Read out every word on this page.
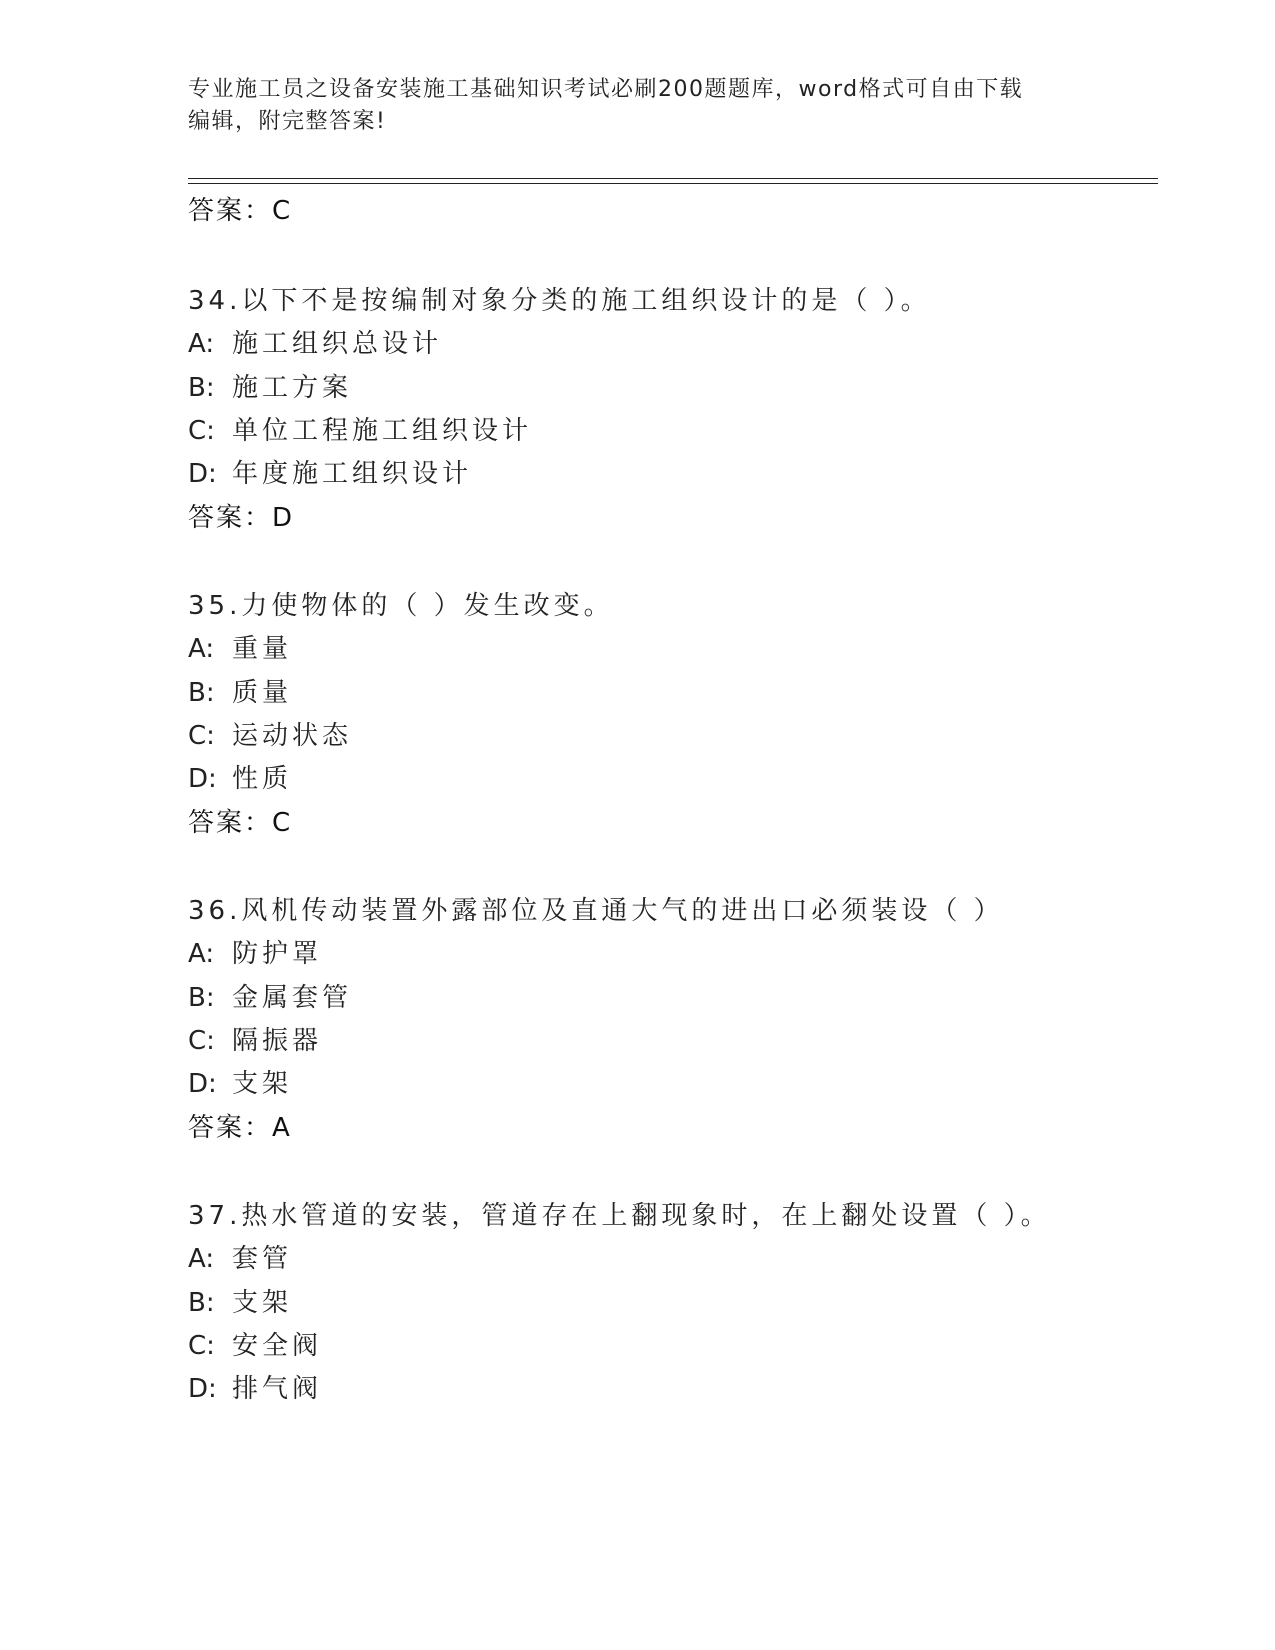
专业施工员之设备安装施工基础知识考试必刷200题题库，word格式可自由下载
编辑，附完整答案!
答案：C
34.以下不是按编制对象分类的施工组织设计的是（ ）。
A: 施工组织总设计
B: 施工方案
C: 单位工程施工组织设计
D: 年度施工组织设计
答案：D
35.力使物体的（ ）发生改变。
A: 重量
B: 质量
C: 运动状态
D: 性质
答案：C
36.风机传动装置外露部位及直通大气的进出口必须装设（ ）
A: 防护罩
B: 金属套管
C: 隔振器
D: 支架
答案：A
37.热水管道的安装，管道存在上翻现象时，在上翻处设置（ ）。
A: 套管
B: 支架
C: 安全阀
D: 排气阀
